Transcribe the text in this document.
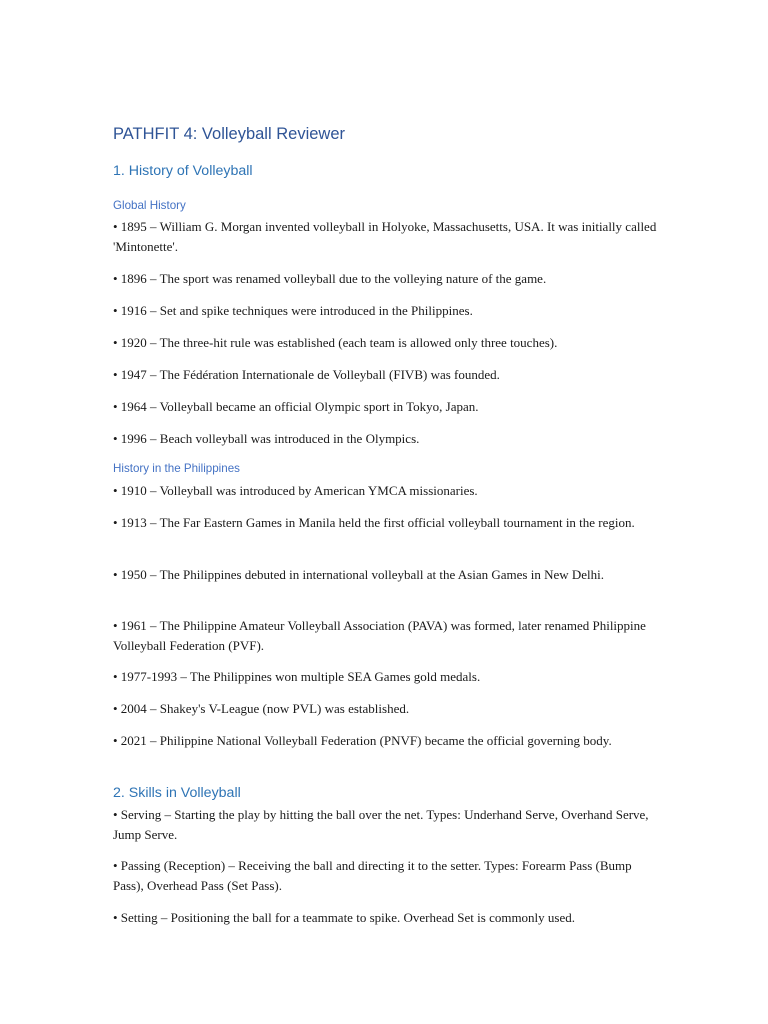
PATHFIT 4: Volleyball Reviewer
1. History of Volleyball
Global History

• 1895 – William G. Morgan invented volleyball in Holyoke, Massachusetts, USA. It was initially called 'Mintonette'.

• 1896 – The sport was renamed volleyball due to the volleying nature of the game.

• 1916 – Set and spike techniques were introduced in the Philippines.

• 1920 – The three-hit rule was established (each team is allowed only three touches).

• 1947 – The Fédération Internationale de Volleyball (FIVB) was founded.

• 1964 – Volleyball became an official Olympic sport in Tokyo, Japan.

• 1996 – Beach volleyball was introduced in the Olympics.

History in the Philippines

• 1910 – Volleyball was introduced by American YMCA missionaries.

• 1913 – The Far Eastern Games in Manila held the first official volleyball tournament in the region.

• 1950 – The Philippines debuted in international volleyball at the Asian Games in New Delhi.

• 1961 – The Philippine Amateur Volleyball Association (PAVA) was formed, later renamed Philippine Volleyball Federation (PVF).

• 1977-1993 – The Philippines won multiple SEA Games gold medals.

• 2004 – Shakey's V-League (now PVL) was established.

• 2021 – Philippine National Volleyball Federation (PNVF) became the official governing body.

2. Skills in Volleyball

• Serving – Starting the play by hitting the ball over the net. Types: Underhand Serve, Overhand Serve, Jump Serve.

• Passing (Reception) – Receiving the ball and directing it to the setter. Types: Forearm Pass (Bump Pass), Overhead Pass (Set Pass).

• Setting – Positioning the ball for a teammate to spike. Overhead Set is commonly used.
